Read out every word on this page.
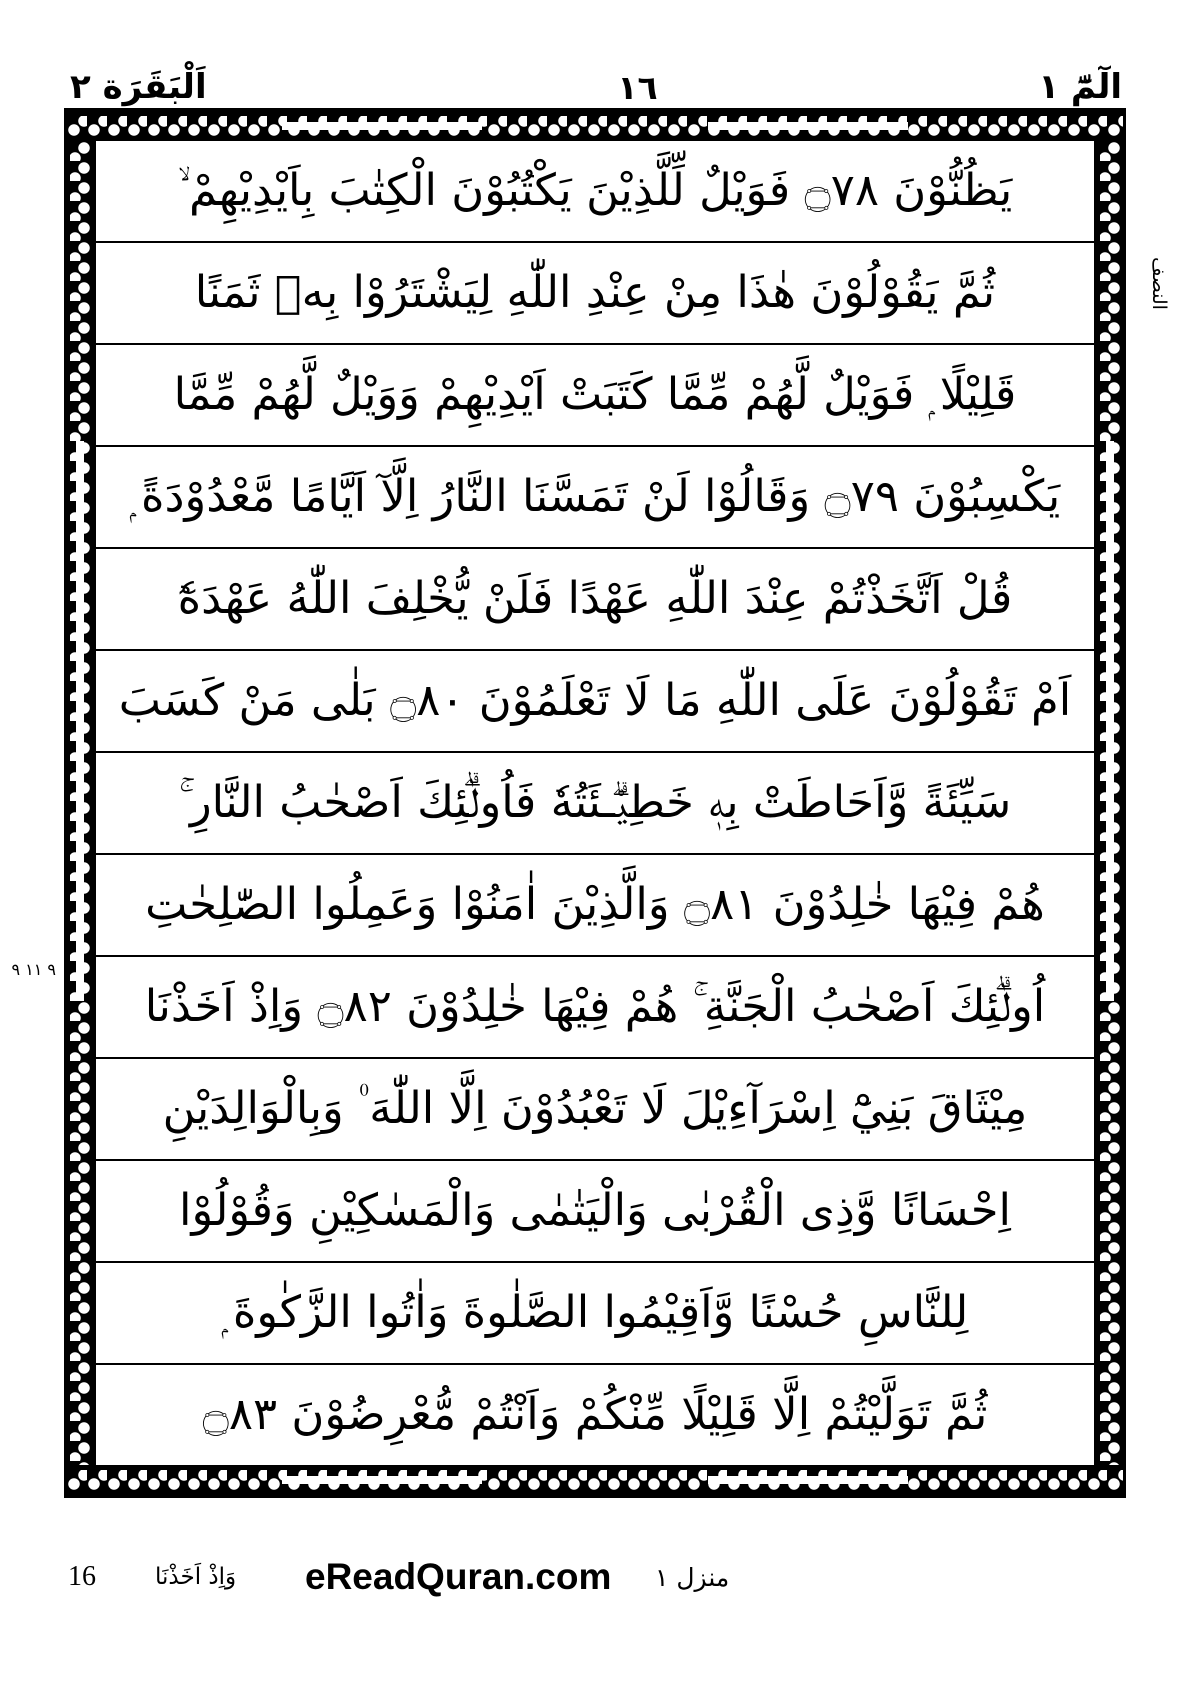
الٓمّٓ ١
١٦
اَلْبَقَرَة ٢
يَظُنُّوْنَ ۝٧٨ فَوَيْلٌ لِّلَّذِيْنَ يَكْتُبُوْنَ الْكِتٰبَ بِاَيْدِيْهِمْ ۙ
ثُمَّ يَقُوْلُوْنَ هٰذَا مِنْ عِنْدِ اللّٰهِ لِيَشْتَرُوْا بِهٖ ثَمَنًا
قَلِيْلًا ۭ فَوَيْلٌ لَّهُمْ مِّمَّا كَتَبَتْ اَيْدِيْهِمْ وَوَيْلٌ لَّهُمْ مِّمَّا
يَكْسِبُوْنَ ۝٧٩ وَقَالُوْا لَنْ تَمَسَّنَا النَّارُ اِلَّآ اَيَّامًا مَّعْدُوْدَةً ۭ
قُلْ اَتَّخَذْتُمْ عِنْدَ اللّٰهِ عَهْدًا فَلَنْ يُّخْلِفَ اللّٰهُ عَهْدَهٗٓ
اَمْ تَقُوْلُوْنَ عَلَى اللّٰهِ مَا لَا تَعْلَمُوْنَ ۝٨٠ بَلٰى مَنْ كَسَبَ
سَيِّئَةً وَّاَحَاطَتْ بِهٖ خَطِيْۗـئَتُهٗ فَاُولٰۗئِكَ اَصْحٰبُ النَّارِ ۚ
هُمْ فِيْهَا خٰلِدُوْنَ ۝٨١ وَالَّذِيْنَ اٰمَنُوْا وَعَمِلُوا الصّٰلِحٰتِ
اُولٰۗئِكَ اَصْحٰبُ الْجَنَّةِ ۚ هُمْ فِيْهَا خٰلِدُوْنَ ۝٨٢ وَاِذْ اَخَذْنَا
مِيْثَاقَ بَنِيْٓ اِسْرَآءِيْلَ لَا تَعْبُدُوْنَ اِلَّا اللّٰهَ ۠ وَبِالْوَالِدَيْنِ
اِحْسَانًا وَّذِى الْقُرْبٰى وَالْيَتٰمٰى وَالْمَسٰكِيْنِ وَقُوْلُوْا
لِلنَّاسِ حُسْنًا وَّاَقِيْمُوا الصَّلٰوةَ وَاٰتُوا الزَّكٰوةَ ۭ
ثُمَّ تَوَلَّيْتُمْ اِلَّا قَلِيْلًا مِّنْكُمْ وَاَنْتُمْ مُّعْرِضُوْنَ ۝٨٣
النصف
٩ ١١ ٩
وَاِذْ اَخَذْنَا	منزل ١
eReadQuran.com
16
